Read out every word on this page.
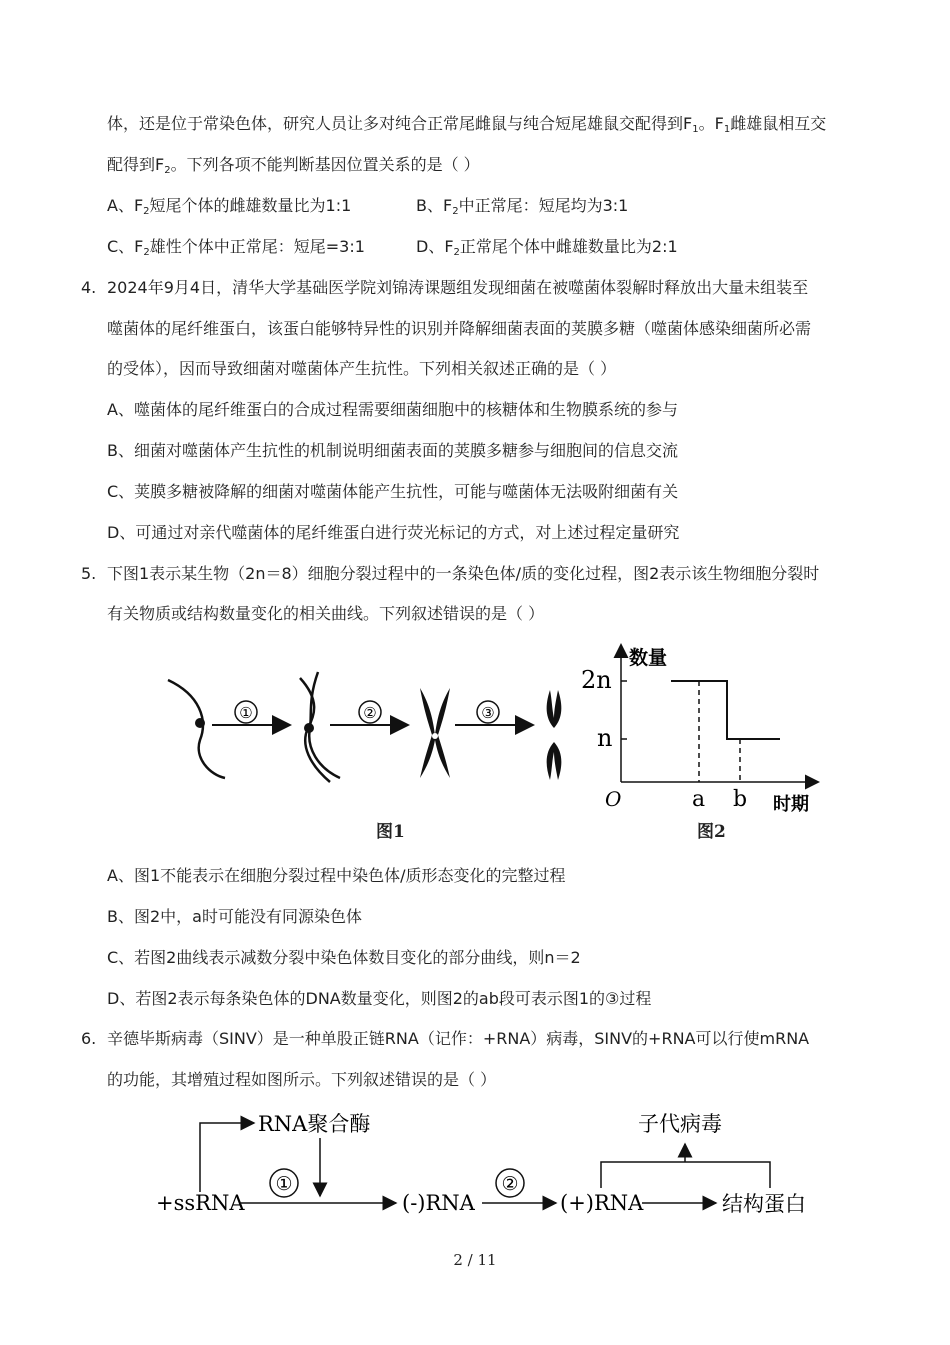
体，还是位于常染色体，研究人员让多对纯合正常尾雌鼠与纯合短尾雄鼠交配得到$F_1$。$F_1$雌雄鼠相互交
配得到$F_2$。下列各项不能判断基因位置关系的是（ ）
A、$F_2$短尾个体的雌雄数量比为1:1	B、$F_2$中正常尾：短尾均为3:1
C、$F_2$雄性个体中正常尾：短尾=3:1	D、$F_2$正常尾个体中雌雄数量比为2:1
4. 2024年9月4日，清华大学基础医学院刘锦涛课题组发现细菌在被噬菌体裂解时释放出大量未组装至
噬菌体的尾纤维蛋白，该蛋白能够特异性的识别并降解细菌表面的荚膜多糖（噬菌体感染细菌所必需
的受体），因而导致细菌对噬菌体产生抗性。下列相关叙述正确的是（ ）
A、噬菌体的尾纤维蛋白的合成过程需要细菌细胞中的核糖体和生物膜系统的参与
B、细菌对噬菌体产生抗性的机制说明细菌表面的荚膜多糖参与细胞间的信息交流
C、荚膜多糖被降解的细菌对噬菌体能产生抗性，可能与噬菌体无法吸附细菌有关
D、可通过对亲代噬菌体的尾纤维蛋白进行荧光标记的方式，对上述过程定量研究
5. 下图1表示某生物（2n＝8）细胞分裂过程中的一条染色体/质的变化过程，图2表示该生物细胞分裂时
有关物质或结构数量变化的相关曲线。下列叙述错误的是（ ）
①	②	③
图1
数量
2n
n
O	a b 时期
图2
A、图1不能表示在细胞分裂过程中染色体/质形态变化的完整过程
B、图2中，a时可能没有同源染色体
C、若图2曲线表示减数分裂中染色体数目变化的部分曲线，则n＝2
D、若图2表示每条染色体的DNA数量变化，则图2的ab段可表示图1的③过程
6. 辛德毕斯病毒（SINV）是一种单股正链RNA（记作：+RNA）病毒，SINV的+RNA可以行使mRNA
的功能，其增殖过程如图所示。下列叙述错误的是（ ）
+ssRNA
RNA聚合酶
①
(-)RNA
②
(+)RNA	结构蛋白
子代病毒
2 / 11
